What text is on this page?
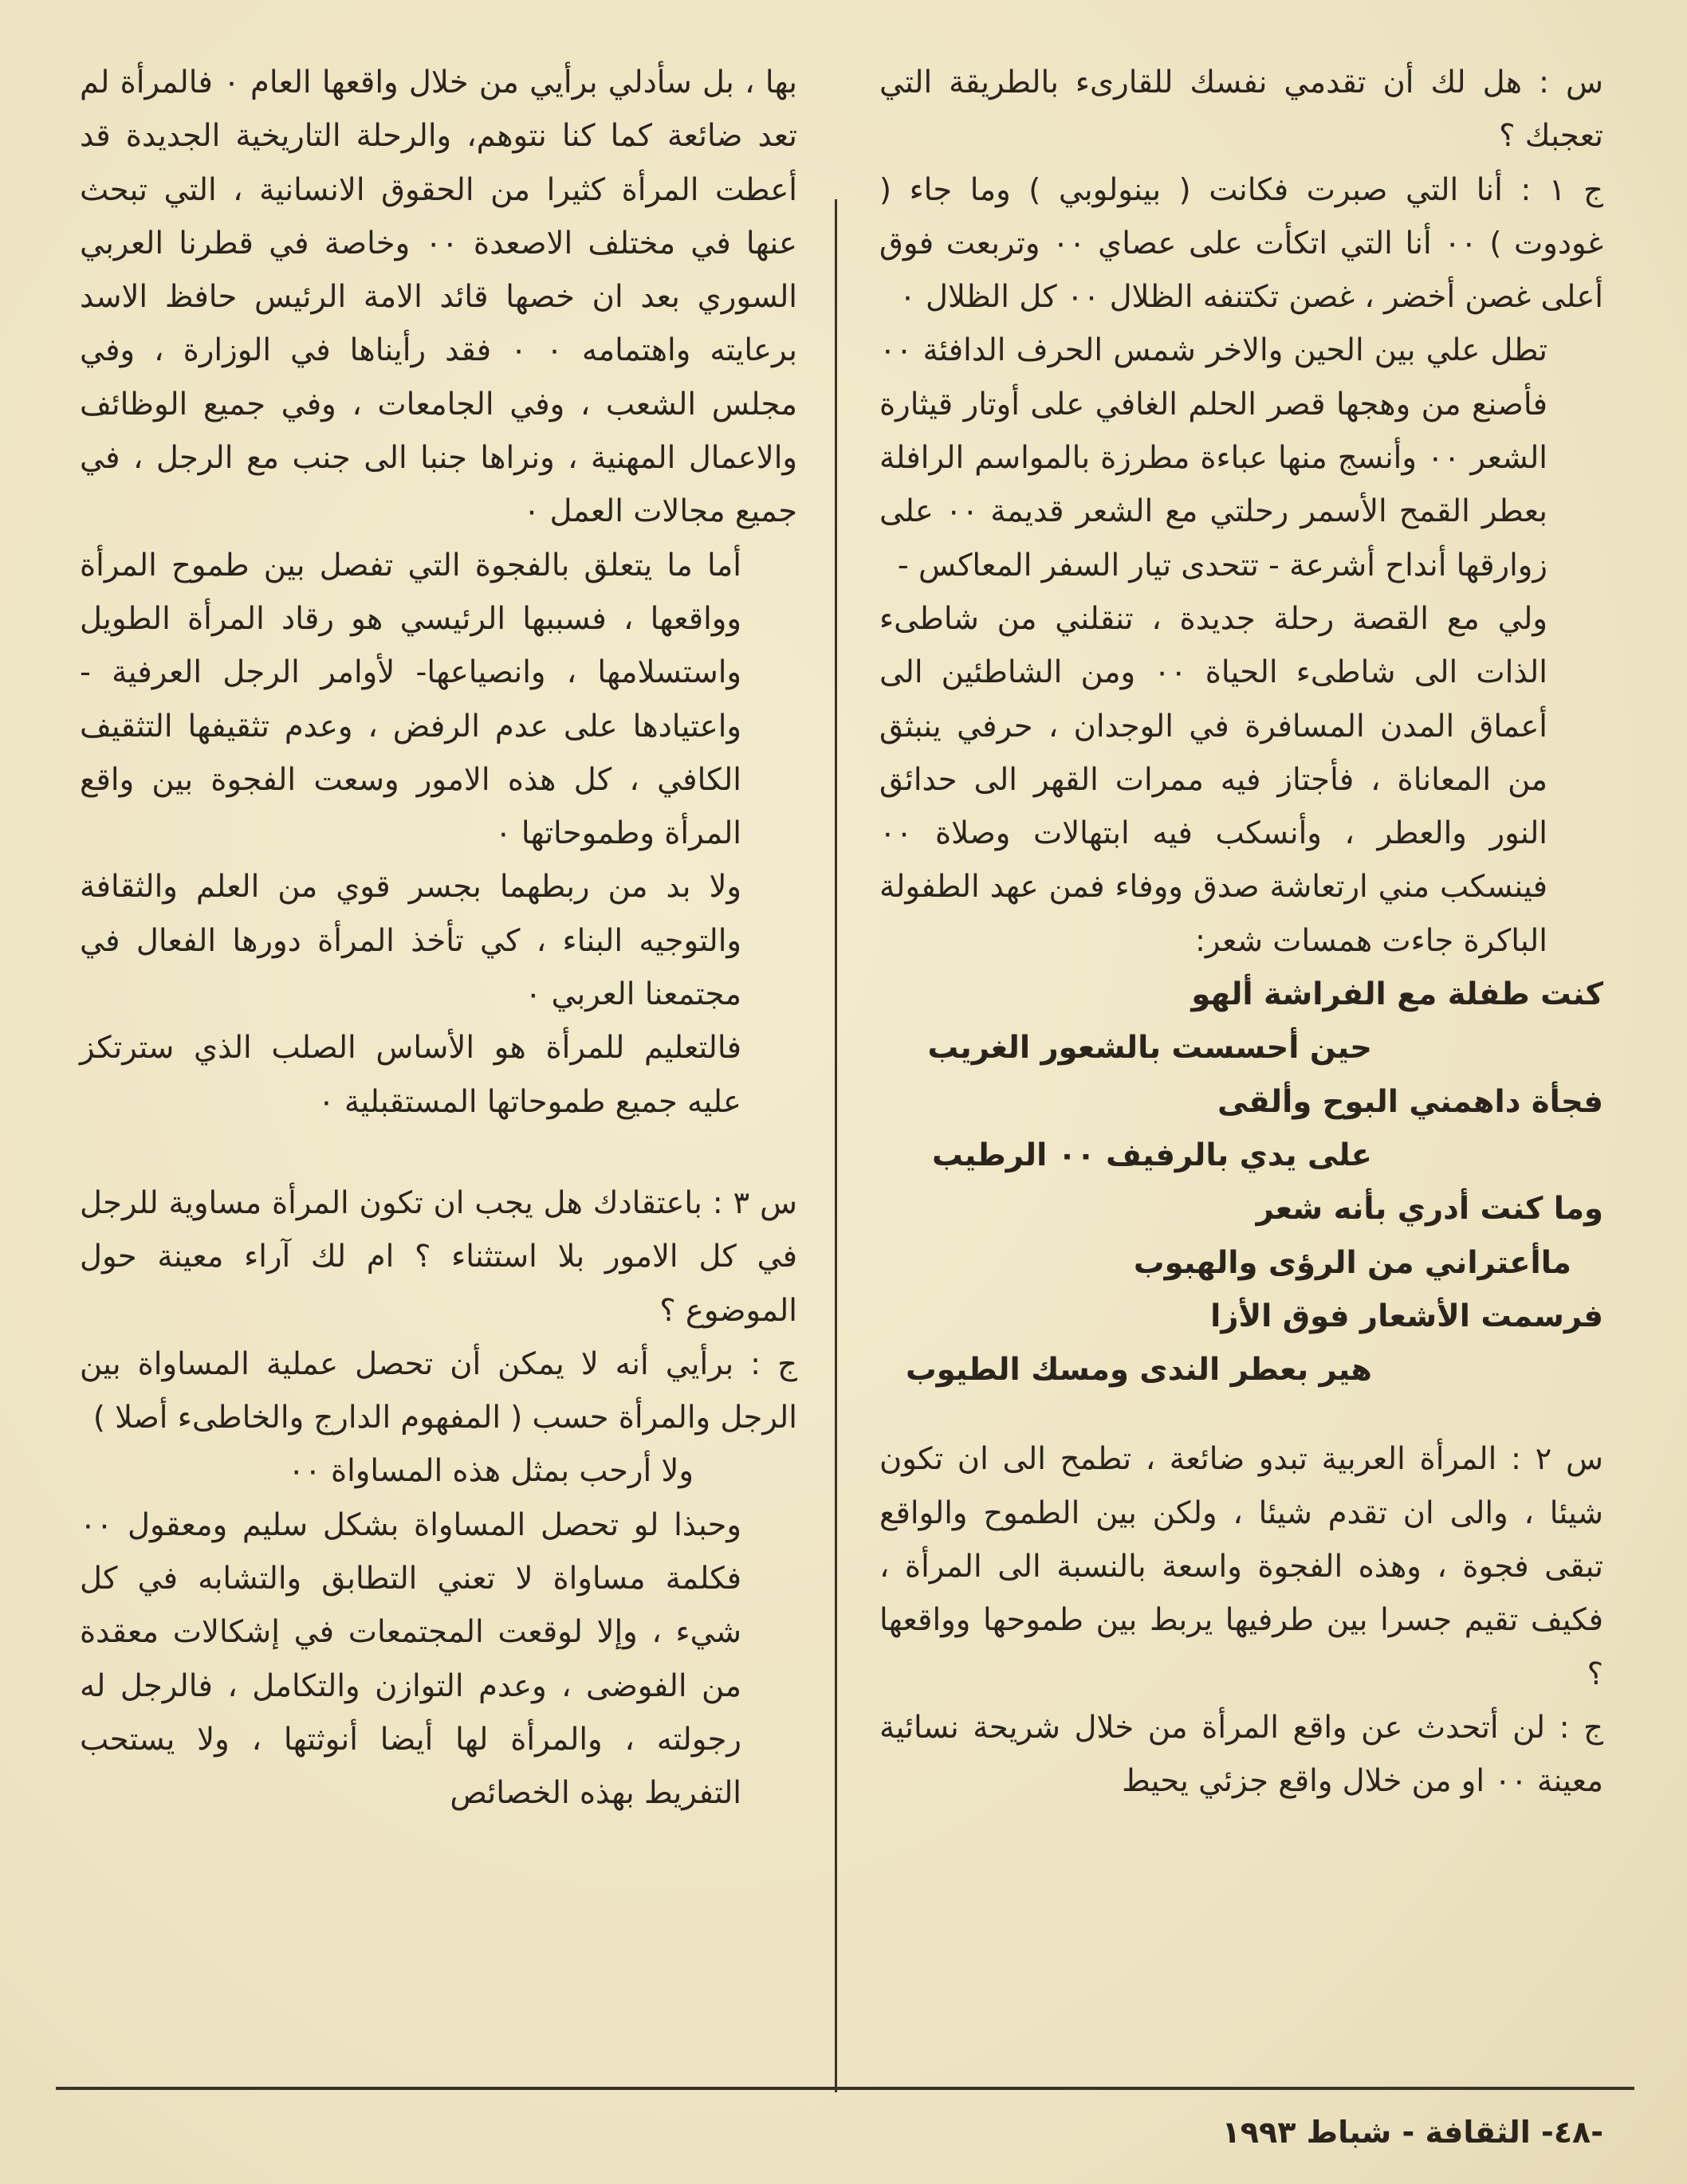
س : هل لك أن تقدمي نفسك للقارىء بالطريقة التي تعجبك ؟

ج ١ : أنا التي صبرت فكانت ( بينولوبي ) وما جاء ( غودوت ) ٠٠ أنا التي اتكأت على عصاي ٠٠ وتربعت فوق أعلى غصن أخضر ، غصن تكتنفه الظلال ٠٠ كل الظلال ٠

تطل علي بين الحين والاخر شمس الحرف الدافئة ٠٠ فأصنع من وهجها قصر الحلم الغافي على أوتار قيثارة الشعر ٠٠ وأنسج منها عباءة مطرزة بالمواسم الرافلة بعطر القمح الأسمر رحلتي مع الشعر قديمة ٠٠ على زوارقها أنداح أشرعة - تتحدى تيار السفر المعاكس -

ولي مع القصة رحلة جديدة ، تنقلني من شاطىء الذات الى شاطىء الحياة ٠٠ ومن الشاطئين الى أعماق المدن المسافرة في الوجدان ، حرفي ينبثق من المعاناة ، فأجتاز فيه ممرات القهر الى حدائق النور والعطر ، وأنسكب فيه ابتهالات وصلاة ٠٠ فينسكب مني ارتعاشة صدق ووفاء فمن عهد الطفولة الباكرة جاءت همسات شعر:

كنت طفلة مع الفراشة ألهو

حين أحسست بالشعور الغريب

فجأة داهمني البوح وألقى

على يدي بالرفيف ٠٠ الرطيب

وما كنت أدري بأنه شعر

ماأعتراني من الرؤى والهبوب

فرسمت الأشعار فوق الأزا

هير بعطر الندى ومسك الطيوب

س ٢ : المرأة العربية تبدو ضائعة ، تطمح الى ان تكون شيئا ، والى ان تقدم شيئا ، ولكن بين الطموح والواقع تبقى فجوة ، وهذه الفجوة واسعة بالنسبة الى المرأة ، فكيف تقيم جسرا بين طرفيها يربط بين طموحها وواقعها ؟

ج : لن أتحدث عن واقع المرأة من خلال شريحة نسائية معينة ٠٠ او من خلال واقع جزئي يحيط

بها ، بل سأدلي برأيي من خلال واقعها العام ٠ فالمرأة لم تعد ضائعة كما كنا نتوهم، والرحلة التاريخية الجديدة قد أعطت المرأة كثيرا من الحقوق الانسانية ، التي تبحث عنها في مختلف الاصعدة ٠٠ وخاصة في قطرنا العربي السوري بعد ان خصها قائد الامة الرئيس حافظ الاسد برعايته واهتمامه ٠ ٠ فقد رأيناها في الوزارة ، وفي مجلس الشعب ، وفي الجامعات ، وفي جميع الوظائف والاعمال المهنية ، ونراها جنبا الى جنب مع الرجل ، في جميع مجالات العمل ٠

أما ما يتعلق بالفجوة التي تفصل بين طموح المرأة وواقعها ، فسببها الرئيسي هو رقاد المرأة الطويل واستسلامها ، وانصياعها- لأوامر الرجل العرفية - واعتيادها على عدم الرفض ، وعدم تثقيفها التثقيف الكافي ، كل هذه الامور وسعت الفجوة بين واقع المرأة وطموحاتها ٠

ولا بد من ربطهما بجسر قوي من العلم والثقافة والتوجيه البناء ، كي تأخذ المرأة دورها الفعال في مجتمعنا العربي ٠

فالتعليم للمرأة هو الأساس الصلب الذي سترتكز عليه جميع طموحاتها المستقبلية ٠

س ٣ : باعتقادك هل يجب ان تكون المرأة مساوية للرجل في كل الامور بلا استثناء ؟ ام لك آراء معينة حول الموضوع ؟

ج : برأيي أنه لا يمكن أن تحصل عملية المساواة بين الرجل والمرأة حسب ( المفهوم الدارج والخاطىء أصلا )

ولا أرحب بمثل هذه المساواة ٠٠

وحبذا لو تحصل المساواة بشكل سليم ومعقول ٠٠ فكلمة مساواة لا تعني التطابق والتشابه في كل شيء ، وإلا لوقعت المجتمعات في إشكالات معقدة من الفوضى ، وعدم التوازن والتكامل ، فالرجل له رجولته ، والمرأة لها أيضا أنوثتها ، ولا يستحب التفريط بهذه الخصائص

-٤٨- الثقافة - شباط ١٩٩٣
